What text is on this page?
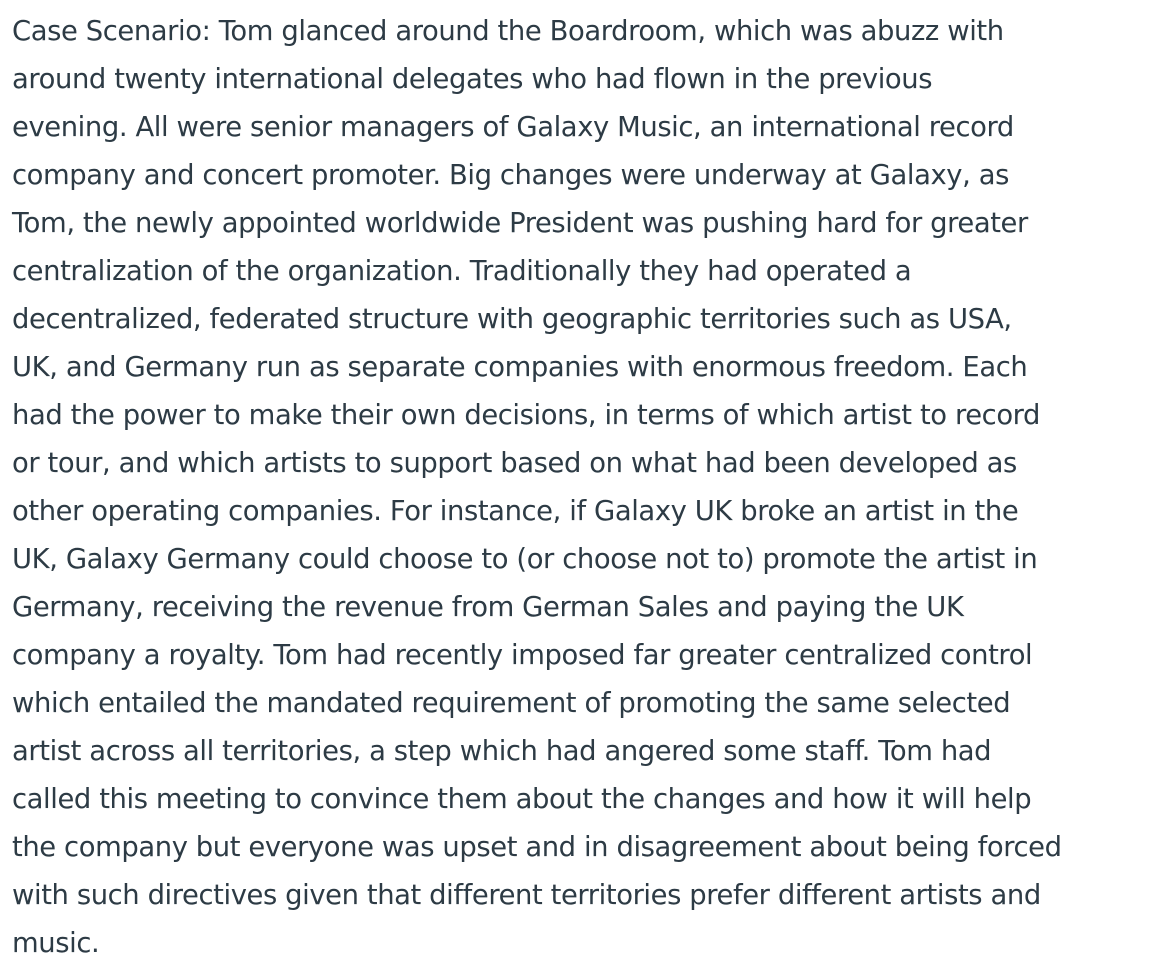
Case Scenario: Tom glanced around the Boardroom, which was abuzz with
around twenty international delegates who had flown in the previous
evening. All were senior managers of Galaxy Music, an international record
company and concert promoter. Big changes were underway at Galaxy, as
Tom, the newly appointed worldwide President was pushing hard for greater
centralization of the organization. Traditionally they had operated a
decentralized, federated structure with geographic territories such as USA,
UK, and Germany run as separate companies with enormous freedom. Each
had the power to make their own decisions, in terms of which artist to record
or tour, and which artists to support based on what had been developed as
other operating companies. For instance, if Galaxy UK broke an artist in the
UK, Galaxy Germany could choose to (or choose not to) promote the artist in
Germany, receiving the revenue from German Sales and paying the UK
company a royalty. Tom had recently imposed far greater centralized control
which entailed the mandated requirement of promoting the same selected
artist across all territories, a step which had angered some staff. Tom had
called this meeting to convince them about the changes and how it will help
the company but everyone was upset and in disagreement about being forced
with such directives given that different territories prefer different artists and
music.
